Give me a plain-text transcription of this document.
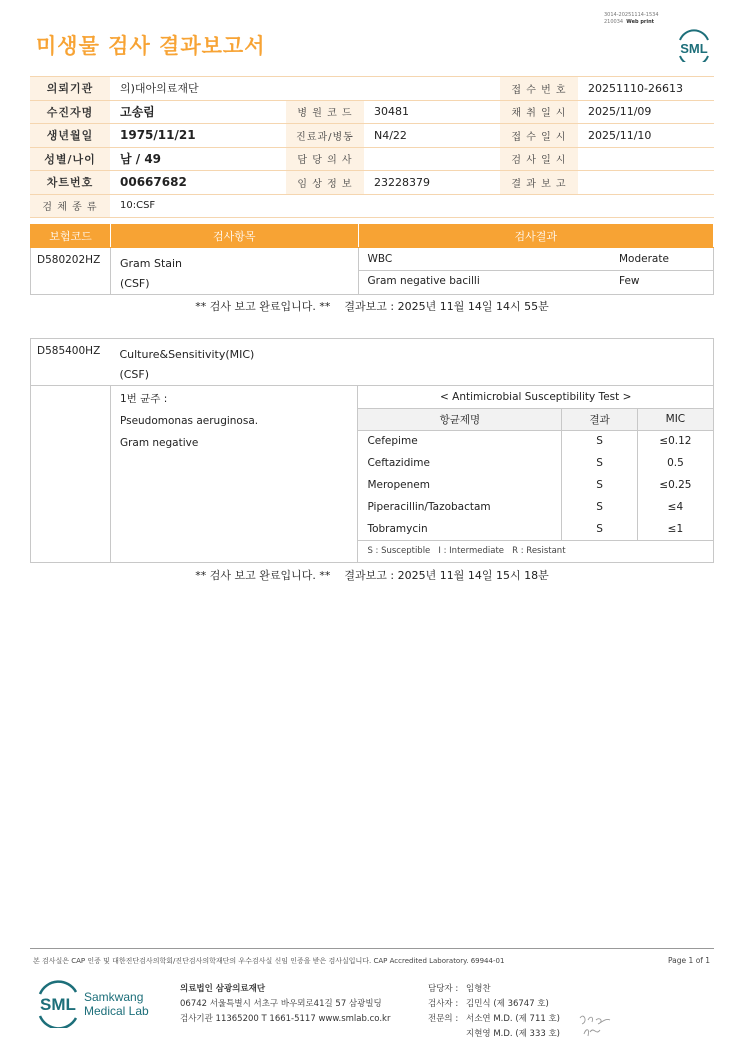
미생물 검사 결과보고서
3014-20251114-1534
210034 Web print
SML
의뢰기관	의)대아의료재단			접 수 번 호	20251110-26613
수진자명	고송림	병 원 코 드	30481	채 취 일 시	2025/11/09
생년월일	1975/11/21	진료과/병동	N4/22	접 수 일 시	2025/11/10
성별/나이	남 / 49	담 당 의 사		검 사 일 시	
차트번호	00667682	임 상 정 보	23228379	결 과 보 고	
검 체 종 류	10:CSF				
보험코드	검사항목	검사결과
D580202HZ	Gram Stain
(CSF)

WBC	Moderate
Gram negative bacilli	Few
** 검사 보고 완료입니다. ** 결과보고 : 2025년 11월 14일 14시 55분
D585400HZ	Culture&Sensitivity(MIC)
(CSF)

1번 균주 :
Pseudomonas aeruginosa.
Gram negative

< Antimicrobial Susceptibility Test >
항균제명	결과	MIC
Cefepime	S	≤0.12
Ceftazidime	S	0.5
Meropenem	S	≤0.25
Piperacillin/Tazobactam	S	≤4
Tobramycin	S	≤1
S : Susceptible   I : Intermediate   R : Resistant
** 검사 보고 완료입니다. ** 결과보고 : 2025년 11월 14일 15시 18분
본 검사실은 CAP 인증 및 대한진단검사의학회/진단검사의학재단의 우수검사실 신임 인증을 받은 검사실입니다. CAP Accredited Laboratory. 69944-01	Page 1 of 1
SML Samkwang
Medical Lab
의료법인 삼광의료재단
06742 서울특별시 서초구 바우뫼로41길 57 삼광빌딩
검사기관 11365200 T 1661-5117 www.smlab.co.kr
담당자 : 임형찬
검사자 : 김민식 (제 36747 호)
전문의 : 서소연 M.D. (제 711 호)
지현영 M.D. (제 333 호)
